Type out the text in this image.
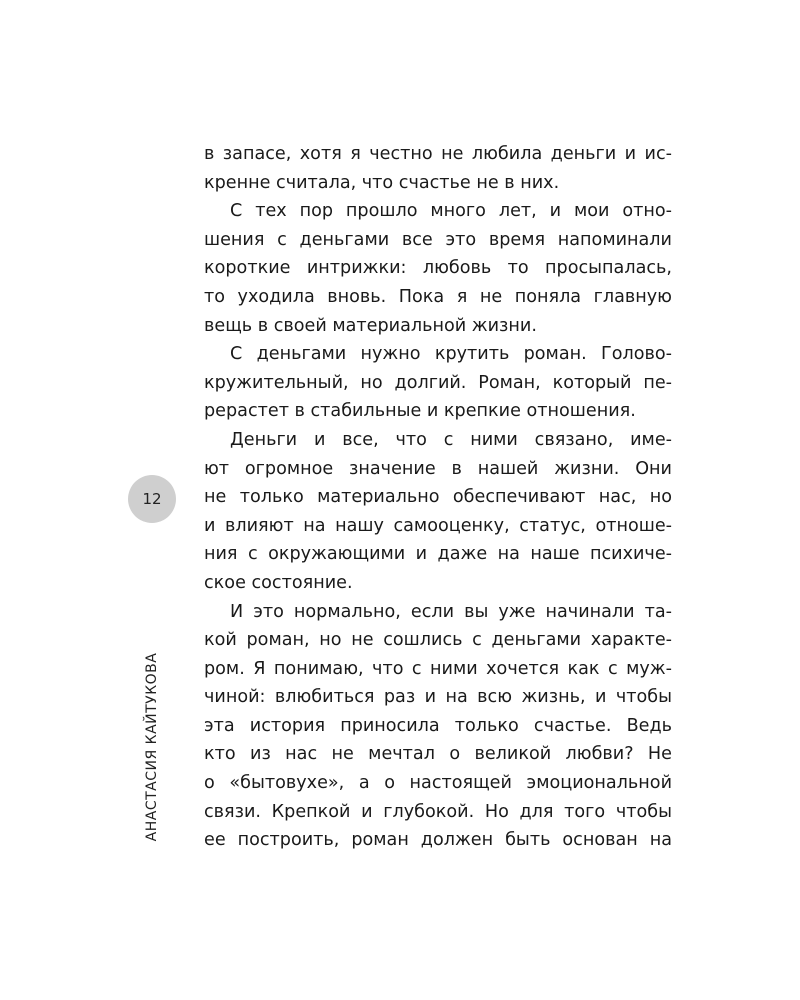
12
АНАСТАСИЯ КАЙТУКОВА
в запасе, хотя я честно не любила деньги и ис-
кренне считала, что счастье не в них.
С тех пор прошло много лет, и мои отно-
шения с деньгами все это время напоминали
короткие интрижки: любовь то просыпалась,
то уходила вновь. Пока я не поняла главную
вещь в своей материальной жизни.
С деньгами нужно крутить роман. Голово-
кружительный, но долгий. Роман, который пе-
рерастет в стабильные и крепкие отношения.
Деньги и все, что с ними связано, име-
ют огромное значение в нашей жизни. Они
не только материально обеспечивают нас, но
и влияют на нашу самооценку, статус, отноше-
ния с окружающими и даже на наше психиче-
ское состояние.
И это нормально, если вы уже начинали та-
кой роман, но не сошлись с деньгами характе-
ром. Я понимаю, что с ними хочется как с муж-
чиной: влюбиться раз и на всю жизнь, и чтобы
эта история приносила только счастье. Ведь
кто из нас не мечтал о великой любви? Не
о «бытовухе», а о настоящей эмоциональной
связи. Крепкой и глубокой. Но для того чтобы
ее построить, роман должен быть основан на
